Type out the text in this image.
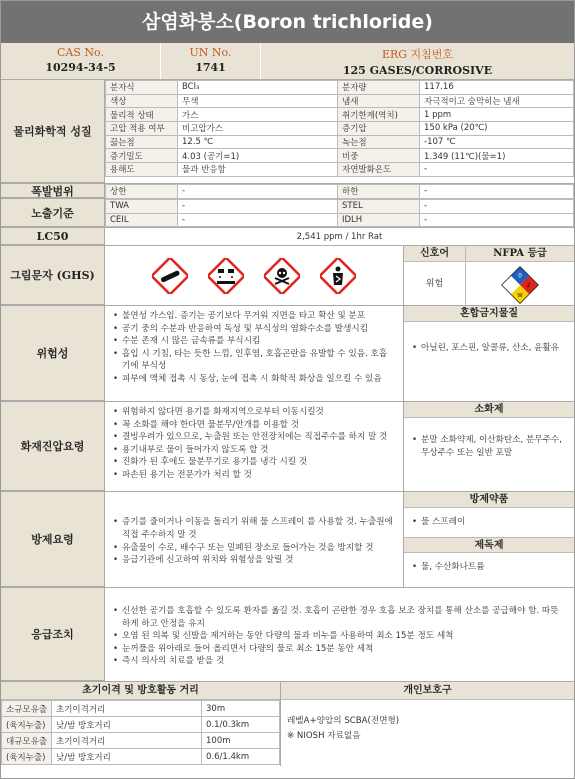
삼염화붕소(Boron trichloride)
CAS No.
10294-34-5
UN No.
1741
ERG 지침번호
125 GASES/CORROSIVE
물리화학적 성질
분자식	BCl₃	분자량	117.16
색상	무색	냄새	자극적이고 숨막히는 냄새
물리적 상태	가스	취기한계(역치)	1 ppm
고압 적용 여부	비고압가스	증기압	150 kPa (20℃)
끓는점	12.5 ℃	녹는점	-107 ℃
증기밀도	4.03 (공기=1)	비중	1.349 (11℃)(물=1)
용해도	물과 반응함	자연발화온도	-
폭발범위	상한	-	하한	-
노출기준
TWA	-	STEL	-
CEIL	-	IDLH	-
LC50	2,541 ppm / 1hr Rat
그림문자 (GHS)
신호어
위험
NFPA 등급
0
3 2
W
위험성
• 불연성 가스임. 증기는 공기보다 무거워 지면을 타고 확산 및 분포
• 공기 중의 수분과 반응하여 독성 및 부식성의 염화수소를 발생시킴
• 수분 존재 시 많은 금속류를 부식시킴
• 흡입 시 기침, 타는 듯한 느낌, 인후염, 호흡곤란을 유발할 수 있음. 호흡기에 부식성
• 피부에 액체 접촉 시 동상, 눈에 접촉 시 화학적 화상을 일으킬 수 있음
혼합금지물질
• 아닐린, 포스핀, 알콜류, 산소, 윤활유
화재진압요령
• 위험하지 않다면 용기를 화재지역으로부터 이동시킬것
• 꼭 소화를 해야 한다면 물분무/안개를 이용할 것
• 결빙우려가 있으므로, 누출원 또는 안전장치에는 직접주수를 하지 말 것
• 용기내부로 물이 들어가지 않도록 할 것
• 진화가 된 후에도 물분무기로 용기를 냉각 시킬 것
• 파손된 용기는 전문가가 처리 할 것
소화제
• 분말 소화약제, 이산화탄소, 분무주수, 무상주수 또는 일반 포말
방제요령
• 증기를 줄이거나 이동을 돌리기 위해 물 스프레이 를 사용할 것. 누출원에 직접 주수하지 말 것
• 유출물이 수로, 배수구 또는 밀폐된 장소로 들어가는 것을 방지할 것
• 응급기관에 신고하여 위치와 위험성을 알릴 것
방제약품
• 물 스프레이
제독제
• 물, 수산화나트륨
응급조치
• 신선한 공기를 호흡할 수 있도록 환자를 옮길 것. 호흡이 곤란한 경우 호흡 보조 장치를 통해 산소를 공급해야 함. 따뜻하게 하고 안정을 유지
• 오염 된 의복 및 신발을 제거하는 동안 다량의 물과 비누를 사용하여 최소 15분 정도 세척
• 눈꺼풀을 위아래로 들어 올리면서 다량의 물로 최소 15분 동안 세척
• 즉시 의사의 치료를 받을 것
초기이격 및 방호활동 거리
소규모유출	초기이격거리	30m
(육지누출)	낮/밤 방호거리	0.1/0.3km
대규모유출	초기이격거리	100m
(육지누출)	낮/밤 방호거리	0.6/1.4km
개인보호구
레벨A+양압의 SCBA(전면형)
※ NIOSH 자료없음
